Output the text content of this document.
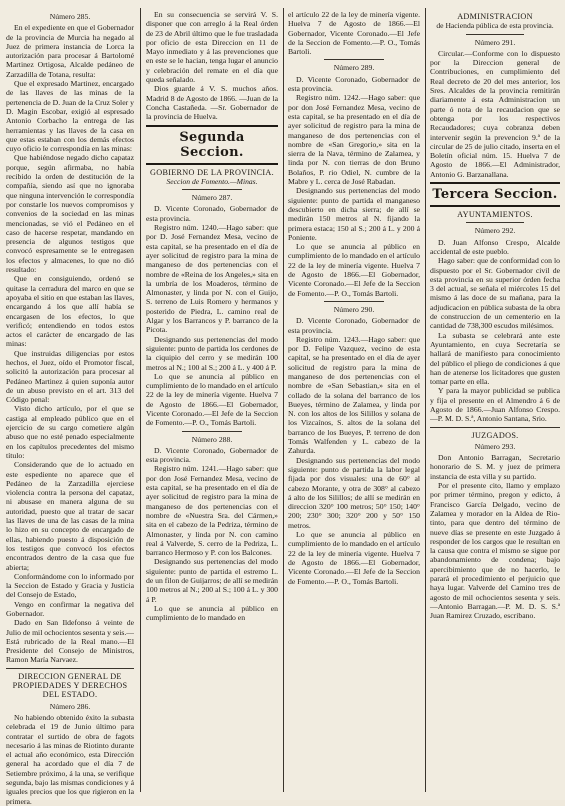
Número 285.

En el expediente en que el Gobernador de la provincia de Murcia ha negado al Juez de primera instancia de Lorca la autorización para procesar á Bartolomé Martinez Ortigosa, Alcalde pedáneo de Zarzadilla de Totana, resulta:

Que el expresado Martinez, encargado de las llaves de las minas de la pertenencia de D. Juan de la Cruz Soler y D. Magin Escobar, exigió al espresado Antonio Corbacho la entrega de las herramientas y las llaves de la casa en que estas estaban con los demás efectos cuyo oficio le correspondía en las minas:

Que habiéndose negado dicho capataz porque, según afirmaba, no había recibido la orden de destitución de la compañía, siendo así que no ignoraba que ninguna intervención le correspondía por constarle los nuevos compromisos y convenios de la sociedad en las minas mencionadas, se vió el Pedáneo en el caso de hacerse respetar, mandando en presencia de algunos testigos que convocó espresamente se le entregasen los efectos y almacenes, lo que no dió resultado:

Que en consiguiendo, ordenó se quitase la cerradura del marco en que se apoyaba el sitio en que estaban las llaves, encargando á los que allí había se encargasen de los efectos, lo que verificó; entendiendo en todos estos actos el carácter de encargado de las minas:

Que instruidas diligencias por estos hechos, el Juez, oído el Promotor fiscal, solicitó la autorización para procesar al Pedáneo Martinez á quien suponía autor de un abuso previsto en el art. 313 del Código penal:

Visto dicho artículo, por el que se castiga al empleado público que en el ejercicio de su cargo cometiere algún abuso que no esté penado especialmente en los capítulos precedentes del mismo título:

Considerando que de lo actuado en este espediente no aparece que el Pedáneo de la Zarzadilla ejerciese violencia contra la persona del capataz, ni abusase en manera alguna de su autoridad, puesto que al tratar de sacar las llaves de una de las casas de la mina lo hizo en su concepto de encargado de ellas, habiendo puesto á disposición de los testigos que convocó los efectos encontrados dentro de la casa que fue abierta;

Conformándome con lo informado por la Seccion de Estado y Gracia y Justicia del Consejo de Estado,

Vengo en confirmar la negativa del Gobernador.

Dado en San Ildefonso á veinte de Julio de mil ochocientos sesenta y seis.—Está rubricado de la Real mano.—El Presidente del Consejo de Ministros, Ramon María Narvaez.

DIRECCION GENERAL DE PROPIEDADES Y DERECHOS DEL ESTADO.

Número 286.

No habiendo obtenido éxito la subasta celebrada el 19 de Junio último para contratar el surtido de obra de fagots necesario á las minas de Riotinto durante el actual año económico, esta Dirección general ha acordado que el día 7 de Setiembre próximo, á la una, se verifique segunda, bajo las mismas condiciones y á iguales precios que los que rigieron en la primera.

En su consecuencia se servirá V. S. disponer que con arreglo á la Real órden de 23 de Abril último que le fue trasladada por oficio de esta Direccion en 11 de Mayo inmediato y á las prevenciones que en este se le hacian, tenga lugar el anuncio y celebración del remate en el día que queda señalado.

Dios guarde á V. S. muchos años. Madrid 8 de Agosto de 1866. —Juan de la Concha Castañeda. —Sr. Gobernador de la provincia de Huelva.

Segunda Seccion.

GOBIERNO DE LA PROVINCIA.

Seccion de Fomento.—Minas.

Número 287.

D. Vicente Coronado, Gobernador de esta provincia.

Registro núm. 1240.—Hago saber: que por D. José Fernandez Mesa, vecino de esta capital, se ha presentado en el día de ayer solicitud de registro para la mina de manganeso de dos pertenencias con el nombre de «Reina de los Angeles,» sita en la umbría de los Moaderos, término de Almonaster, y linda por N. con el Guijo, S. terreno de Luis Romero y hermanos y posterido de Piedra, L. camino real de Algar y los Barrancos y P. barranco de la Picota.

Designando sus pertenencias del modo siguiente: punto de partida los cerdones de la ciquipio del cerro y se medirán 100 metros al N.; 100 al S.; 200 á L. y 400 á P.

Lo que se anuncia al público en cumplimiento de lo mandado en el artículo 22 de la ley de minería vigente. Huelva 7 de Agosto de 1866.—El Gobernador, Vicente Coronado.—El Jefe de la Seccion de Fomento.—P. O., Tomás Bartoli.

Número 288.

D. Vicente Coronado, Gobernador de esta provincia.

Registro núm. 1241.—Hago saber: que por don José Fernandez Mesa, vecino de esta capital, se ha presentado en el día de ayer solicitud de registro para la mina de manganeso de dos pertenencias con el nombre de «Nuestra Sra. del Cármen,» sita en el cabezo de la Pedriza, término de Almonaster, y linda por N. con camino real á Valverde, S. cerro de la Pedriza, L. barranco Hermoso y P. con los Balcones.

Designando sus pertenencias del modo siguiente: punto de partida el estremo L. de un filon de Guijarros; de allí se medirán 100 metros al N.; 200 al S.; 100 á L. y 300 á P.

Lo que se anuncia al público en cumplimiento de lo mandado en

el artículo 22 de la ley de minería vigente. Huelva 7 de Agosto de 1866.—El Gobernador, Vicente Coronado.—El Jefe de la Seccion de Fomento.—P. O., Tomás Bartoli.

Número 289.

D. Vicente Coronado, Gobernador de esta provincia.

Registro núm. 1242.—Hago saber: que por don José Fernandez Mesa, vecino de esta capital, se ha presentado en el día de ayer solicitud de registro para la mina de manganeso de dos pertenencias con el nombre de «San Gregorio,» sita en la sierra de la Nava, término de Zalamea, y linda por N. con tierras de don Bruno Bolaños, P. rio Odiel, N. cumbre de la Mabre y L. cerca de José Rabadan.

Designando sus pertenencias del modo siguiente: punto de partida el manganeso descubierto en dicha sierra; de allí se medirán 150 metros al N. fijando la primera estaca; 150 al S.; 200 á L. y 200 á Poniente.

Lo que se anuncia al público en cumplimiento de lo mandado en el artículo 22 de la ley de minería vigente. Huelva 7 de Agosto de 1866.—El Gobernador, Vicente Coronado.—El Jefe de la Seccion de Fomento.—P. O., Tomás Bartoli.

Número 290.

D. Vicente Coronado, Gobernador de esta provincia.

Registro núm. 1243.—Hago saber: que por D. Felipe Vazquez, vecino de esta capital, se ha presentado en el día de ayer solicitud de registro para la mina de manganeso de dos pertenencias con el nombre de «San Sebastian,» sita en el collado de la solana del barranco de los Bueyes, término de Zalamea, y linda por N. con los altos de los Silillos y solana de los Vizcaínos, S. altos de la solana del barranco de los Bueyes, P. terreno de don Tomás Walfenden y L. cabezo de la Zahurda.

Designando sus pertenencias del modo siguiente: punto de partida la labor legal fijada por dos visuales: una de 60° al cabezo Morante, y otra de 308° al cabezo á alto de los Silillos; de allí se medirán en direccion 320° 100 metros; 50° 150; 140° 200; 230° 300; 320° 200 y 50° 150 metros.

Lo que se anuncia al público en cumplimiento de lo mandado en el artículo 22 de la ley de minería vigente. Huelva 7 de Agosto de 1866.—El Gobernador, Vicente Coronado.—El Jefe de la Seccion de Fomento.—P. O., Tomás Bartoli.

ADMINISTRACION

de Hacienda pública de esta provincia.

Número 291.

Circular.—Conforme con lo dispuesto por la Direccion general de Contribuciones, en cumplimiento del Real decreto de 20 del mes anterior, los Sres. Alcaldes de la provincia remitirán diariamente á esta Administracion un parte ó nota de la recaudacion que se obtenga por los respectivos Recaudadores; cuya cobranza deben intervenir según la prevencion 9.ª de la circular de 25 de julio citado, inserta en el Boletín oficial núm. 15. Huelva 7 de Agosto de 1866.—El Administrador, Antonio G. Barzanallana.

Tercera Seccion.

AYUNTAMIENTOS.

Número 292.

D. Juan Alfonso Crespo, Alcalde accidental de este pueblo.

Hago saber: que de conformidad con lo dispuesto por el Sr. Gobernador civil de esta provincia en su superior órden fecha 3 del actual, se señala el miércoles 15 del mismo á las doce de su mañana, para la adjudicacion en pública subasta de la obra de construccion de un cementerio en la cantidad de 738,300 escudos milésimos.

La subasta se celebrará ante este Ayuntamiento, en cuya Secretaría se hallará de manifiesto para conocimiento del público el pliego de condiciones á que han de atenerse los licitadores que gusten tomar parte en ella.

Y para la mayor publicidad se publica y fija el presente en el Almendro á 6 de Agosto de 1866.—Juan Alfonso Crespo.—P. M. D. S.ª, Antonio Santana, Srio.

JUZGADOS.

Número 293.

Don Antonio Barragan, Secretario honorario de S. M. y juez de primera instancia de esta villa y su partido.

Por el presente cito, llamo y emplazo por primer término, pregon y edicto, á Francisco García Delgado, vecino de Zalamea y morador en la Aldea de Rio-tinto, para que dentro del término de nueve días se presente en este Juzgado á responder de los cargos que le resultan en la causa que contra el mismo se sigue por abandonamiento de condena; bajo apercibimiento que de no hacerlo, le parará el procedimiento el perjuicio que haya lugar. Valverde del Camino tres de agosto de mil ochocientos sesenta y seis.—Antonio Barragan.—P. M. D. S. S.ª Juan Ramirez Cruzado, escribano.
